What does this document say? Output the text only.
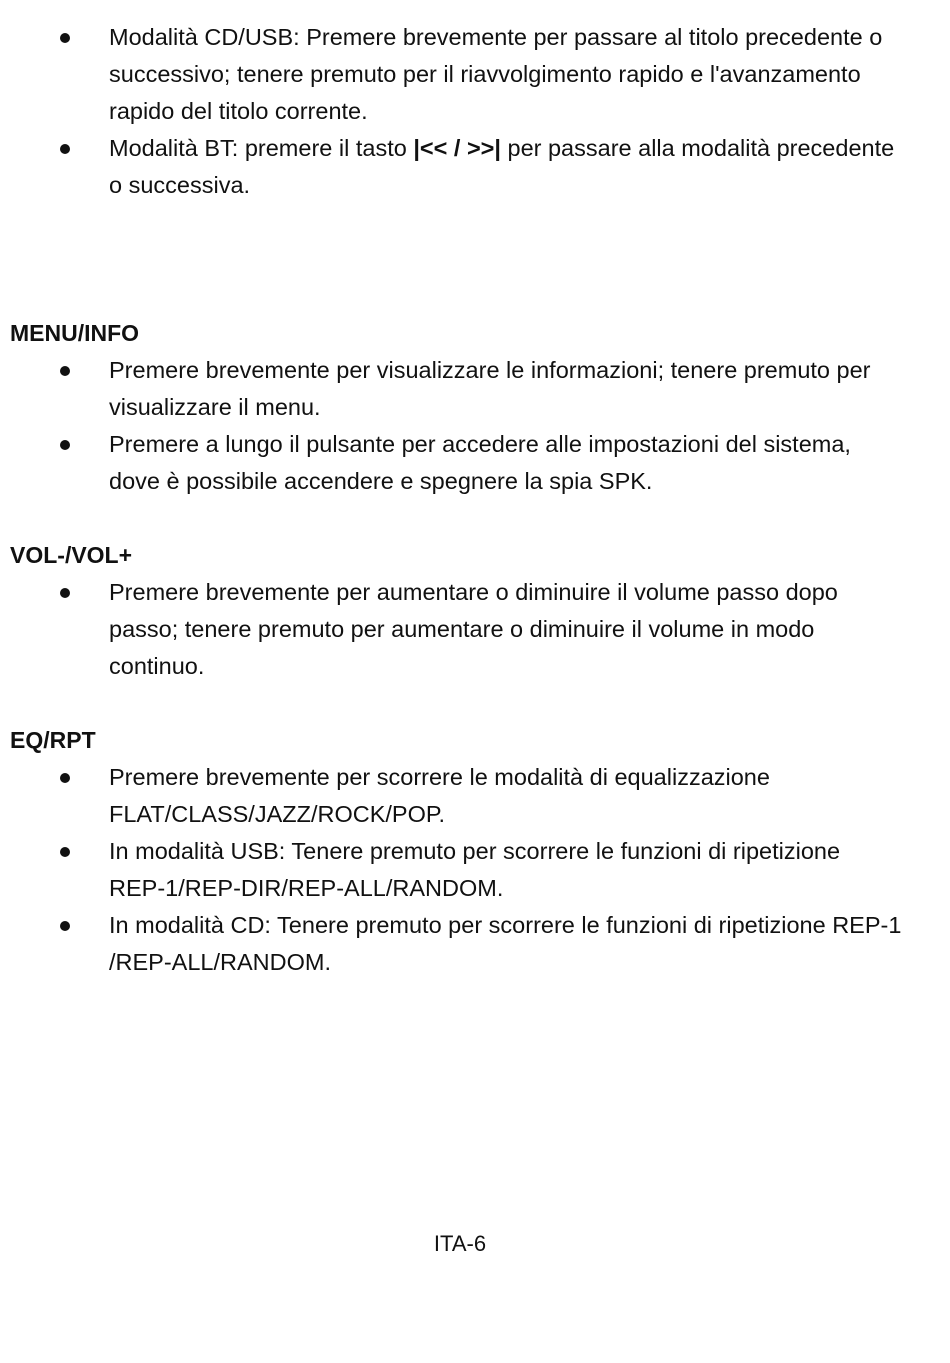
Modalità CD/USB: Premere brevemente per passare al titolo precedente o successivo; tenere premuto per il riavvolgimento rapido e l'avanzamento rapido del titolo corrente.
Modalità BT: premere il tasto |<< / >>| per passare alla modalità precedente o successiva.
MENU/INFO
Premere brevemente per visualizzare le informazioni; tenere premuto per visualizzare il menu.
Premere a lungo il pulsante per accedere alle impostazioni del sistema, dove è possibile accendere e spegnere la spia SPK.
VOL-/VOL+
Premere brevemente per aumentare o diminuire il volume passo dopo passo; tenere premuto per aumentare o diminuire il volume in modo continuo.
EQ/RPT
Premere brevemente per scorrere le modalità di equalizzazione FLAT/CLASS/JAZZ/ROCK/POP.
In modalità USB: Tenere premuto per scorrere le funzioni di ripetizione REP-1/REP-DIR/REP-ALL/RANDOM.
In modalità CD: Tenere premuto per scorrere le funzioni di ripetizione REP-1 /REP-ALL/RANDOM.
ITA-6
